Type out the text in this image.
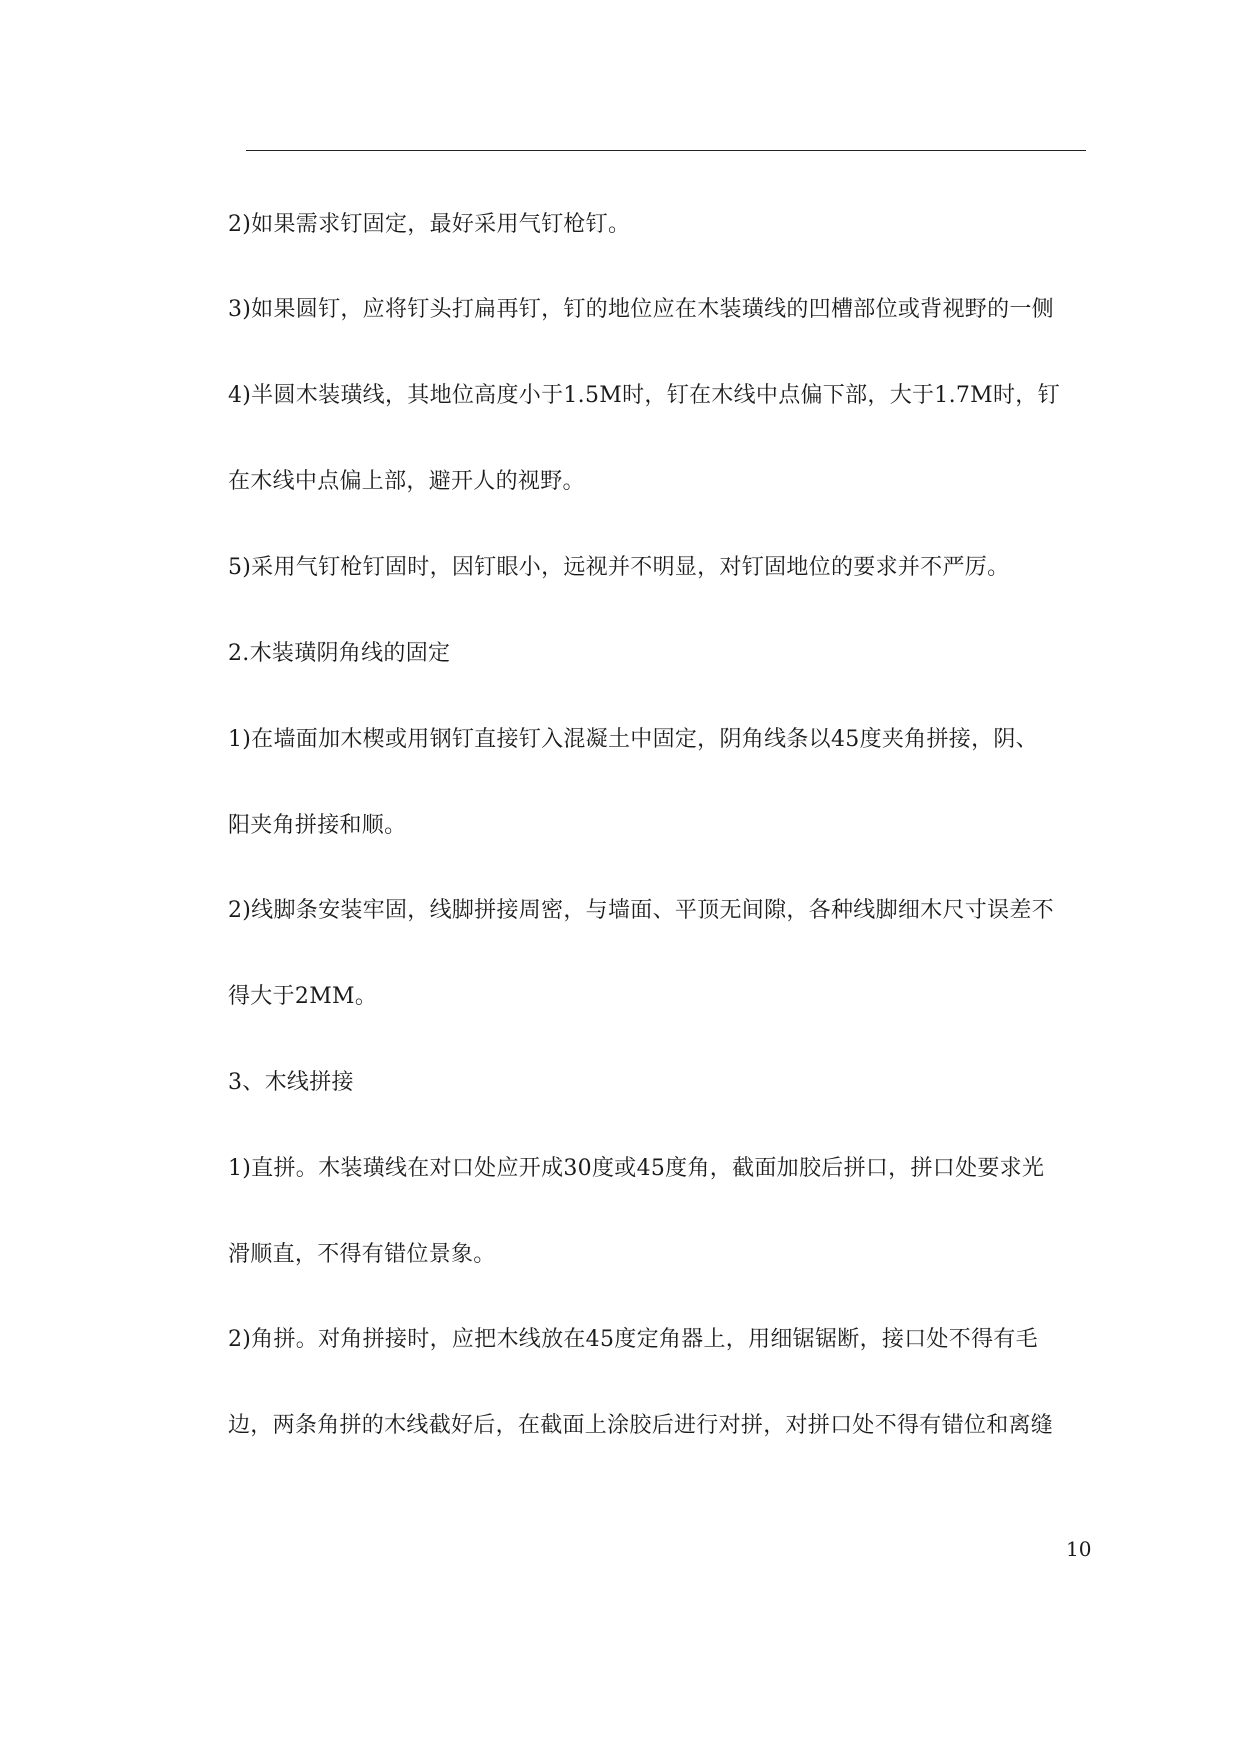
2)如果需求钉固定，最好采用气钉枪钉。
3)如果圆钉，应将钉头打扁再钉，钉的地位应在木装璜线的凹槽部位或背视野的一侧
4)半圆木装璜线，其地位高度小于1.5M时，钉在木线中点偏下部，大于1.7M时，钉
在木线中点偏上部，避开人的视野。
5)采用气钉枪钉固时，因钉眼小，远视并不明显，对钉固地位的要求并不严厉。
2.木装璜阴角线的固定
1)在墙面加木楔或用钢钉直接钉入混凝土中固定，阴角线条以45度夹角拼接，阴、
阳夹角拼接和顺。
2)线脚条安装牢固，线脚拼接周密，与墙面、平顶无间隙，各种线脚细木尺寸误差不
得大于2MM。
3、木线拼接
1)直拼。木装璜线在对口处应开成30度或45度角，截面加胶后拼口，拼口处要求光
滑顺直，不得有错位景象。
2)角拼。对角拼接时，应把木线放在45度定角器上，用细锯锯断，接口处不得有毛
边，两条角拼的木线截好后，在截面上涂胶后进行对拼，对拼口处不得有错位和离缝
10
